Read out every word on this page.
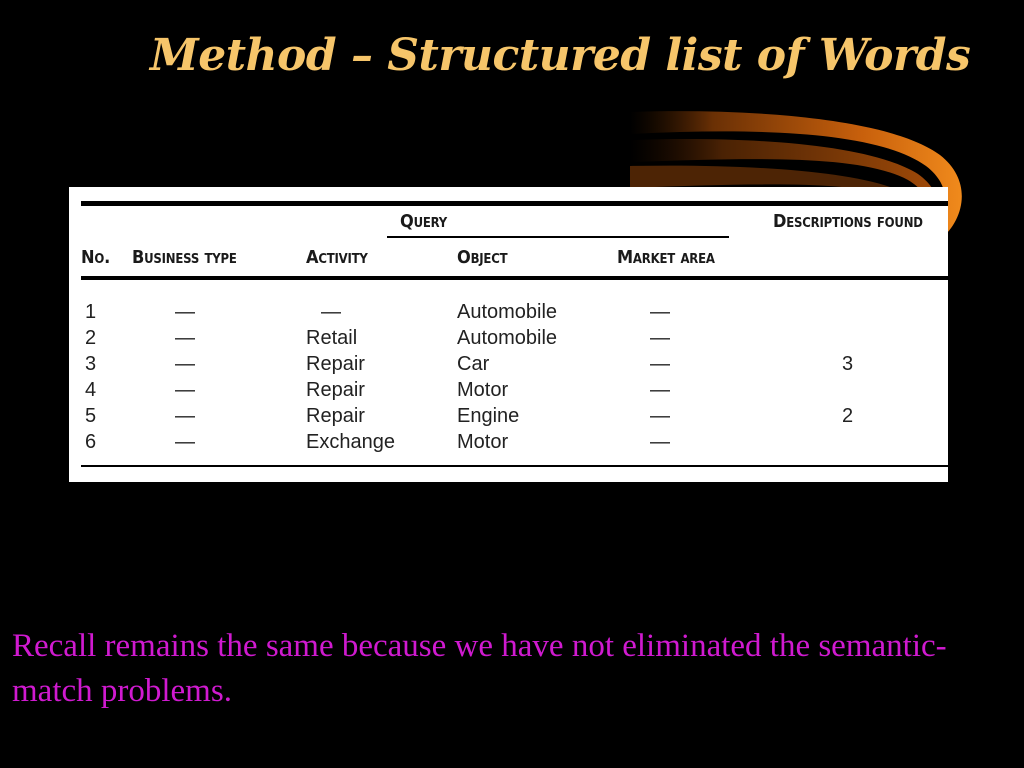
Method – Structured list of Words
Query	Descriptions found
No. Business type	Activity	Object	Market area
1	—	—	Automobile	—
2	—	Retail	Automobile	—
3	—	Repair	Car	—	3
4	—	Repair	Motor	—
5	—	Repair	Engine	—	2
6	—	Exchange	Motor	—

Recall remains the same because we have not eliminated the semantic-match problems.
